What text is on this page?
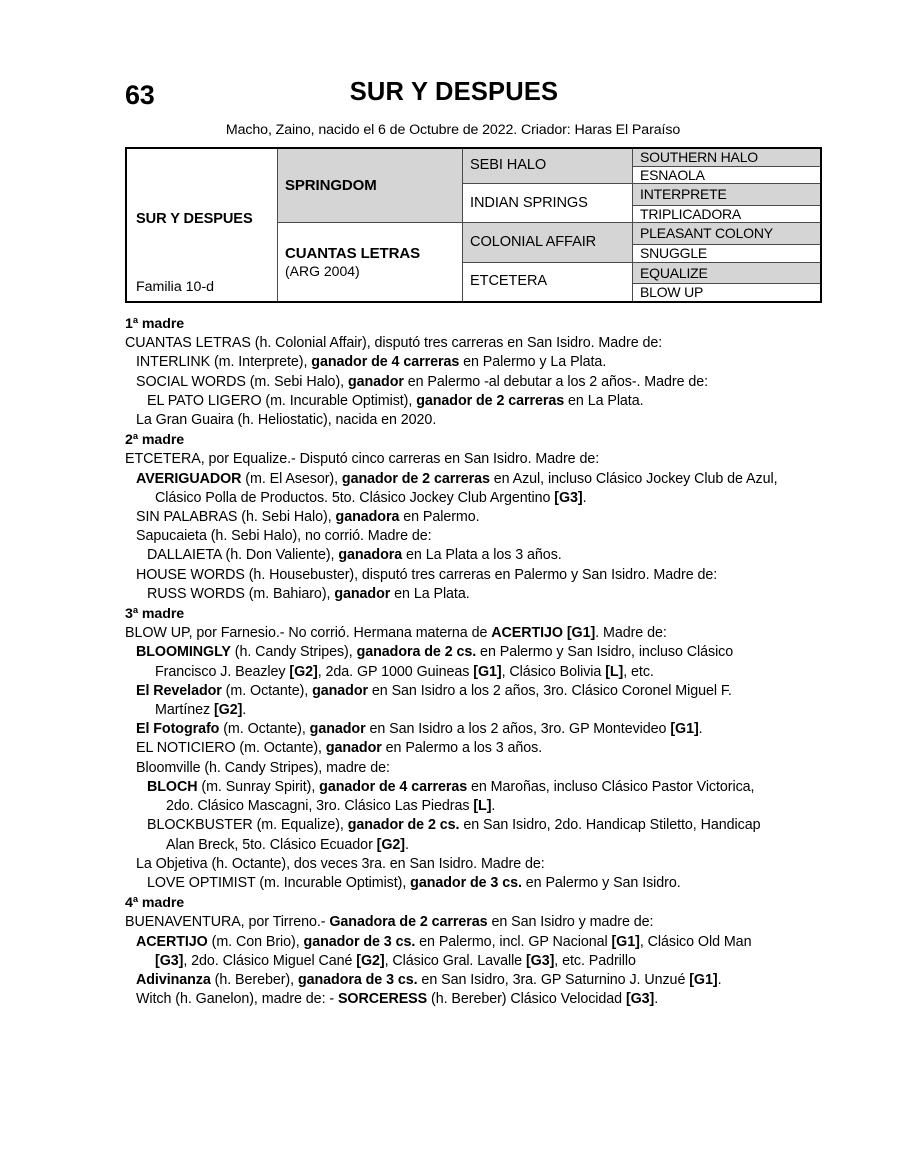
63	SUR Y DESPUES
Macho, Zaino, nacido el 6 de Octubre de 2022. Criador: Haras El Paraíso
SUR Y DESPUES
Familia 10-d	SPRINGDOM	SEBI HALO	SOUTHERN HALO
			ESNAOLA
		INDIAN SPRINGS	INTERPRETE
			TRIPLICADORA

	CUANTAS LETRAS
(ARG 2004)	COLONIAL AFFAIR	PLEASANT COLONY
			SNUGGLE
		ETCETERA	EQUALIZE
			BLOW UP
1ª madre
CUANTAS LETRAS (h. Colonial Affair), disputó tres carreras en San Isidro. Madre de:
INTERLINK (m. Interprete), ganador de 4 carreras en Palermo y La Plata.
SOCIAL WORDS (m. Sebi Halo), ganador en Palermo -al debutar a los 2 años-. Madre de:
EL PATO LIGERO (m. Incurable Optimist), ganador de 2 carreras en La Plata.
La Gran Guaira (h. Heliostatic), nacida en 2020.
2ª madre
ETCETERA, por Equalize.- Disputó cinco carreras en San Isidro. Madre de:
AVERIGUADOR (m. El Asesor), ganador de 2 carreras en Azul, incluso Clásico Jockey Club de Azul, Clásico Polla de Productos. 5to. Clásico Jockey Club Argentino [G3].
SIN PALABRAS (h. Sebi Halo), ganadora en Palermo.
Sapucaieta (h. Sebi Halo), no corrió. Madre de:
DALLAIETA (h. Don Valiente), ganadora en La Plata a los 3 años.
HOUSE WORDS (h. Housebuster), disputó tres carreras en Palermo y San Isidro. Madre de:
RUSS WORDS (m. Bahiaro), ganador en La Plata.
3ª madre
BLOW UP, por Farnesio.- No corrió. Hermana materna de ACERTIJO [G1]. Madre de:
BLOOMINGLY (h. Candy Stripes), ganadora de 2 cs. en Palermo y San Isidro, incluso Clásico Francisco J. Beazley [G2], 2da. GP 1000 Guineas [G1], Clásico Bolivia [L], etc.
El Revelador (m. Octante), ganador en San Isidro a los 2 años, 3ro. Clásico Coronel Miguel F. Martínez [G2].
El Fotografo (m. Octante), ganador en San Isidro a los 2 años, 3ro. GP Montevideo [G1].
EL NOTICIERO (m. Octante), ganador en Palermo a los 3 años.
Bloomville (h. Candy Stripes), madre de:
BLOCH (m. Sunray Spirit), ganador de 4 carreras en Maroñas, incluso Clásico Pastor Victorica, 2do. Clásico Mascagni, 3ro. Clásico Las Piedras [L].
BLOCKBUSTER (m. Equalize), ganador de 2 cs. en San Isidro, 2do. Handicap Stiletto, Handicap Alan Breck, 5to. Clásico Ecuador [G2].
La Objetiva (h. Octante), dos veces 3ra. en San Isidro. Madre de:
LOVE OPTIMIST (m. Incurable Optimist), ganador de 3 cs. en Palermo y San Isidro.
4ª madre
BUENAVENTURA, por Tirreno.- Ganadora de 2 carreras en San Isidro y madre de:
ACERTIJO (m. Con Brio), ganador de 3 cs. en Palermo, incl. GP Nacional [G1], Clásico Old Man [G3], 2do. Clásico Miguel Cané [G2], Clásico Gral. Lavalle [G3], etc. Padrillo
Adivinanza (h. Bereber), ganadora de 3 cs. en San Isidro, 3ra. GP Saturnino J. Unzué [G1].
Witch (h. Ganelon), madre de: - SORCERESS (h. Bereber) Clásico Velocidad [G3].
